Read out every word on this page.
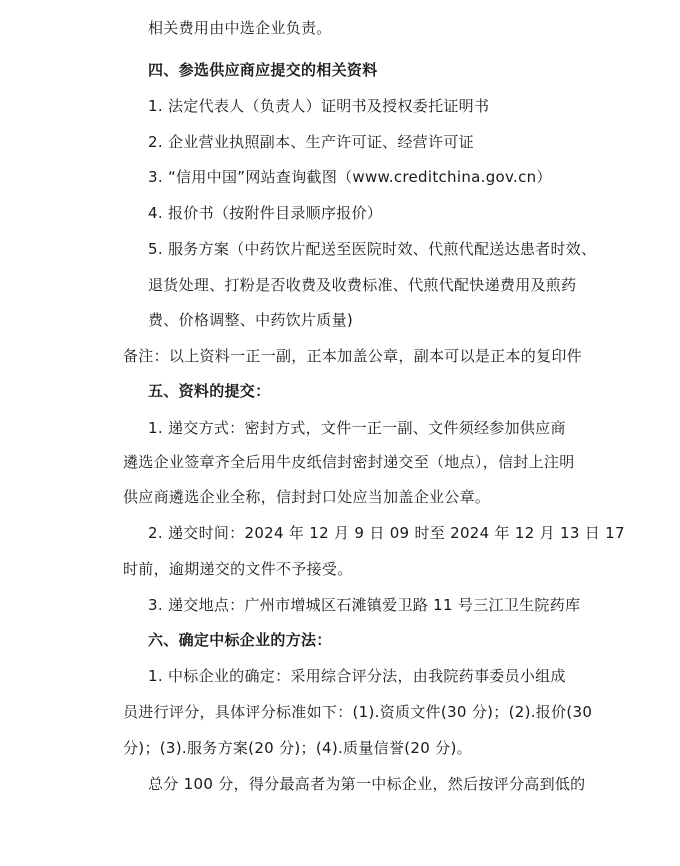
相关费用由中选企业负责。
四、参选供应商应提交的相关资料
1. 法定代表人（负责人）证明书及授权委托证明书
2. 企业营业执照副本、生产许可证、经营许可证
3. “信用中国”网站查询截图（www.creditchina.gov.cn）
4. 报价书（按附件目录顺序报价）
5. 服务方案（中药饮片配送至医院时效、代煎代配送达患者时效、
退货处理、打粉是否收费及收费标准、代煎代配快递费用及煎药
费、价格调整、中药饮片质量)
备注：以上资料一正一副，正本加盖公章，副本可以是正本的复印件
五、资料的提交：
1. 递交方式：密封方式，文件一正一副、文件须经参加供应商
遴选企业签章齐全后用牛皮纸信封密封递交至（地点），信封上注明
供应商遴选企业全称，信封封口处应当加盖企业公章。
2. 递交时间：2024 年 12 月 9 日 09 时至 2024 年 12 月 13 日 17
时前，逾期递交的文件不予接受。
3. 递交地点：广州市增城区石滩镇爱卫路 11 号三江卫生院药库
六、确定中标企业的方法：
1. 中标企业的确定：采用综合评分法，由我院药事委员小组成
员进行评分，具体评分标准如下：(1).资质文件(30 分)；(2).报价(30
分)；(3).服务方案(20 分)；(4).质量信誉(20 分)。
总分 100 分，得分最高者为第一中标企业，然后按评分高到低的
